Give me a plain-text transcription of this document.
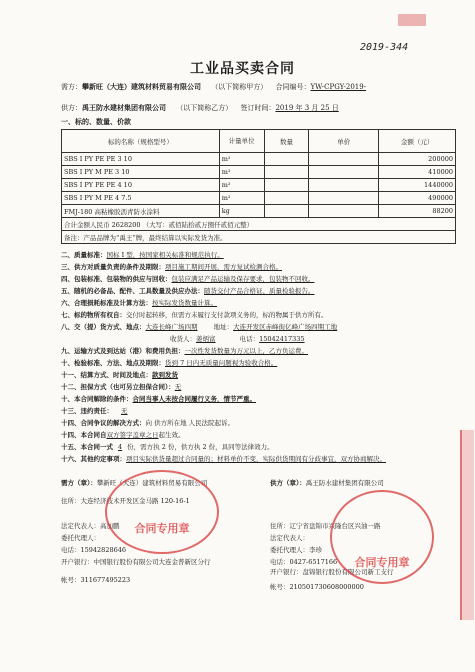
2019-344
工业品买卖合同
需方：攀新旺（大连）建筑材料贸易有限公司 （以下简称甲方） 合同编号：YW-CPGY-2019-
供方：禹王防水建材集团有限公司 （以下简称乙方） 签订时间：2019 年 3 月 25 日
一、标的、数量、价款
标的名称（规格型号）	计量单位	数量	单价	金额（元）
SBS I PY PE PE 3 10	m²			200000
SBS I PY M PE 3 10	m²			410000
SBS I PY PE PE 4 10	m²			1440000
SBS I PY M PE 4 7.5	m²			490000
FMJ-180 高粘橡胶沥青防水涂料	kg			88200
合计金额人民币 2628200 （大写：贰佰陆拾贰万捌仟贰佰元整）				
备注：产品品牌为“禹王”牌，最终结算以实际发货为准。				
二、质量标准：国标 I 型，按国家相关标准和规范执行。
三、供方对质量负责的条件及期限：项目施工期间开展，需方复试检测合格。
四、包装标准、包装物的供应与回收：包装应满足产品运输及保存要求，包装物不回收。
五、随机的必备品、配件、工具数量及供应办法：随货交付产品合格证、质量检验报告。
六、合理损耗标准及计算方法：按实际发货数量计算。
七、标的物所有权自：交付时起转移，但需方未履行支付款项义务的，标的物属于供方所有。
八、交（提）货方式、地点：大连长峰广场四期 地址：大连开发区赤峰街亿峰广场四期工地
收货人：姜炳富	电话：15042417335
九、运输方式及到达站（港）和费用负担：一次性发货数量为万元以上，乙方负运费。
十、检验标准、方法、地点及期限：货到 7 日内无质量问题视为验收合格。
十一、结算方式、时间及地点：款到发货
十二、担保方式（也可另立担保合同）：无
十、本合同解除的条件：合同当事人未按合同履行义务，情节严重。
十三、违约责任： 无
十四、合同争议的解决方式：向 供方所在地 人民法院起诉。
十四、本合同自双方签字盖章之日起生效。
十五、本合同一式 4 份，需方执 2 份，供方执 2 份，具同等法律效力。
十六、其他约定事项：项目实际供货量超过合同量的；材料单价不变，实际供货期间有分歧事宜，双方协商解决。
需方（章）：攀新旺（大连）建筑材料贸易有限公司	供方（章）：禹王防水建材集团有限公司
住所：大连经济技术开发区金马路 120-16-1
法定代表人：高加鹏
委托代理人：
电话：15942828646
开户银行：中国银行股份有限公司大连金普新区分行
帐号：311677495223
住所：辽宁省盘锦市兴隆台区兴油一路
法定代表人：
委托代理人：李珍
电话：0427-6517166
开户银行：盘锦银行股份有限公司新工支行
帐号：210501730608000000
合同专用章
合同专用章
